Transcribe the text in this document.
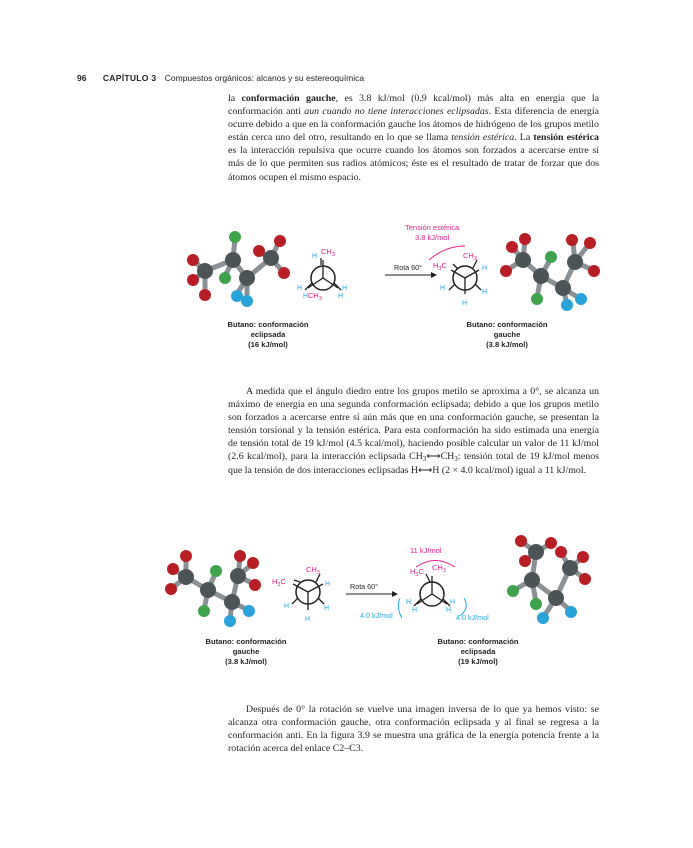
96 CAPÍTULO 3 Compuestos orgánicos: alcanos y su estereoquímica

la conformación gauche, es 3.8 kJ/mol (0.9 kcal/mol) más alta en energía que la conformación anti aun cuando no tiene interacciones eclipsadas. Esta diferencia de energía ocurre debido a que en la conformación gauche los átomos de hidrógeno de los grupos metilo están cerca uno del otro, resultando en lo que se llama tensión estérica. La tensión estérica es la interacción repulsiva que ocurre cuando los átomos son forzados a acercarse entre sí más de lo que permiten sus radios atómicos; éste es el resultado de tratar de forzar que dos átomos ocupen el mismo espacio.

H
$CH_3$
H
H
H
H
$CH_3$
Rota 60°
Tensión estérica
3.8 kJ/mol
$CH_3$
$H_3C$	H
H
H
H
Butano: conformación
eclipsada
(16 kJ/mol)
Butano: conformación
gauche
(3.8 kJ/mol)

A medida que el ángulo diedro entre los grupos metilo se aproxima a 0°, se alcanza un máximo de energía en una segunda conformación eclipsada; debido a que los grupos metilo son forzados a acercarse entre sí aún más que en una conformación gauche, se presentan la tensión torsional y la tensión estérica. Para esta conformación ha sido estimada una energía de tensión total de 19 kJ/mol (4.5 kcal/mol), haciendo posible calcular un valor de 11 kJ/mol (2.6 kcal/mol), para la interacción eclipsada $CH_3⟷CH_3$: tensión total de 19 kJ/mol menos que la tensión de dos interacciones eclipsadas H⟷H (2 × 4.0 kcal/mol) igual a 11 kJ/mol.

$CH_3$
$H_3C$	H
H	H
H
Rota 60°
11 kJ/mol
4.0 kJ/mol	4.0 kJ/mol
$H_3C$ $CH_3$
H
H
H
H
Butano: conformación
gauche
(3.8 kJ/mol)
Butano: conformación
eclipsada
(19 kJ/mol)

Después de 0° la rotación se vuelve una imagen inversa de lo que ya hemos visto: se alcanza otra conformación gauche, otra conformación eclipsada y al final se regresa a la conformación anti. En la figura 3.9 se muestra una gráfica de la energía potencia frente a la rotación acerca del enlace C2–C3.
